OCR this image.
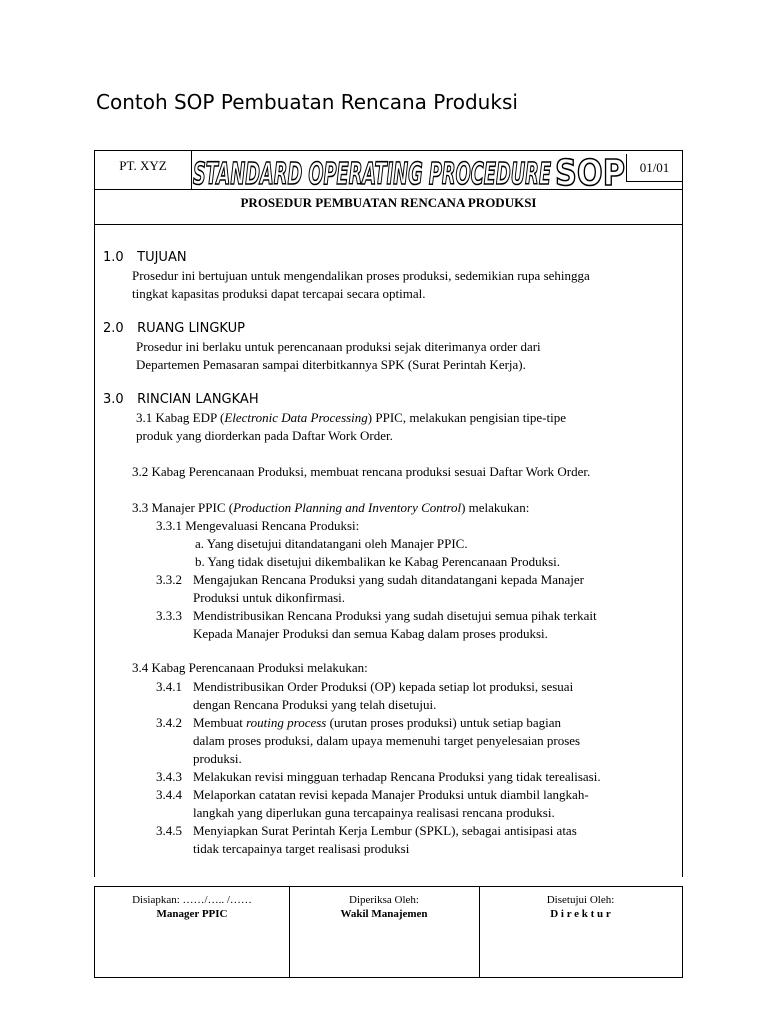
Contoh SOP Pembuatan Rencana Produksi
PT. XYZ STANDARD OPERATING PROCEDURE SOP	01/01
PROSEDUR PEMBUATAN RENCANA PRODUKSI
1.0 TUJUAN
Prosedur ini bertujuan untuk mengendalikan proses produksi, sedemikian rupa sehingga
tingkat kapasitas produksi dapat tercapai secara optimal.
2.0 RUANG LINGKUP
Prosedur ini berlaku untuk perencanaan produksi sejak diterimanya order dari
Departemen Pemasaran sampai diterbitkannya SPK (Surat Perintah Kerja).
3.0 RINCIAN LANGKAH
3.1 Kabag EDP (Electronic Data Processing) PPIC, melakukan pengisian tipe-tipe
produk yang diorderkan pada Daftar Work Order.
3.2 Kabag Perencanaan Produksi, membuat rencana produksi sesuai Daftar Work Order.
3.3 Manajer PPIC (Production Planning and Inventory Control) melakukan:
3.3.1 Mengevaluasi Rencana Produksi:
a. Yang disetujui ditandatangani oleh Manajer PPIC.
b. Yang tidak disetujui dikembalikan ke Kabag Perencanaan Produksi.
3.3.2 Mengajukan Rencana Produksi yang sudah ditandatangani kepada Manajer
Produksi untuk dikonfirmasi.
3.3.3 Mendistribusikan Rencana Produksi yang sudah disetujui semua pihak terkait
Kepada Manajer Produksi dan semua Kabag dalam proses produksi.
3.4 Kabag Perencanaan Produksi melakukan:
3.4.1 Mendistribusikan Order Produksi (OP) kepada setiap lot produksi, sesuai
dengan Rencana Produksi yang telah disetujui.
3.4.2 Membuat routing process (urutan proses produksi) untuk setiap bagian
dalam proses produksi, dalam upaya memenuhi target penyelesaian proses
produksi.
3.4.3 Melakukan revisi mingguan terhadap Rencana Produksi yang tidak terealisasi.
3.4.4 Melaporkan catatan revisi kepada Manajer Produksi untuk diambil langkah-
langkah yang diperlukan guna tercapainya realisasi rencana produksi.
3.4.5 Menyiapkan Surat Perintah Kerja Lembur (SPKL), sebagai antisipasi atas
tidak tercapainya target realisasi produksi
Disiapkan: ……/….. /……
Manager PPIC
Diperiksa Oleh:
Wakil Manajemen
Disetujui Oleh:
D i r e k t u r
